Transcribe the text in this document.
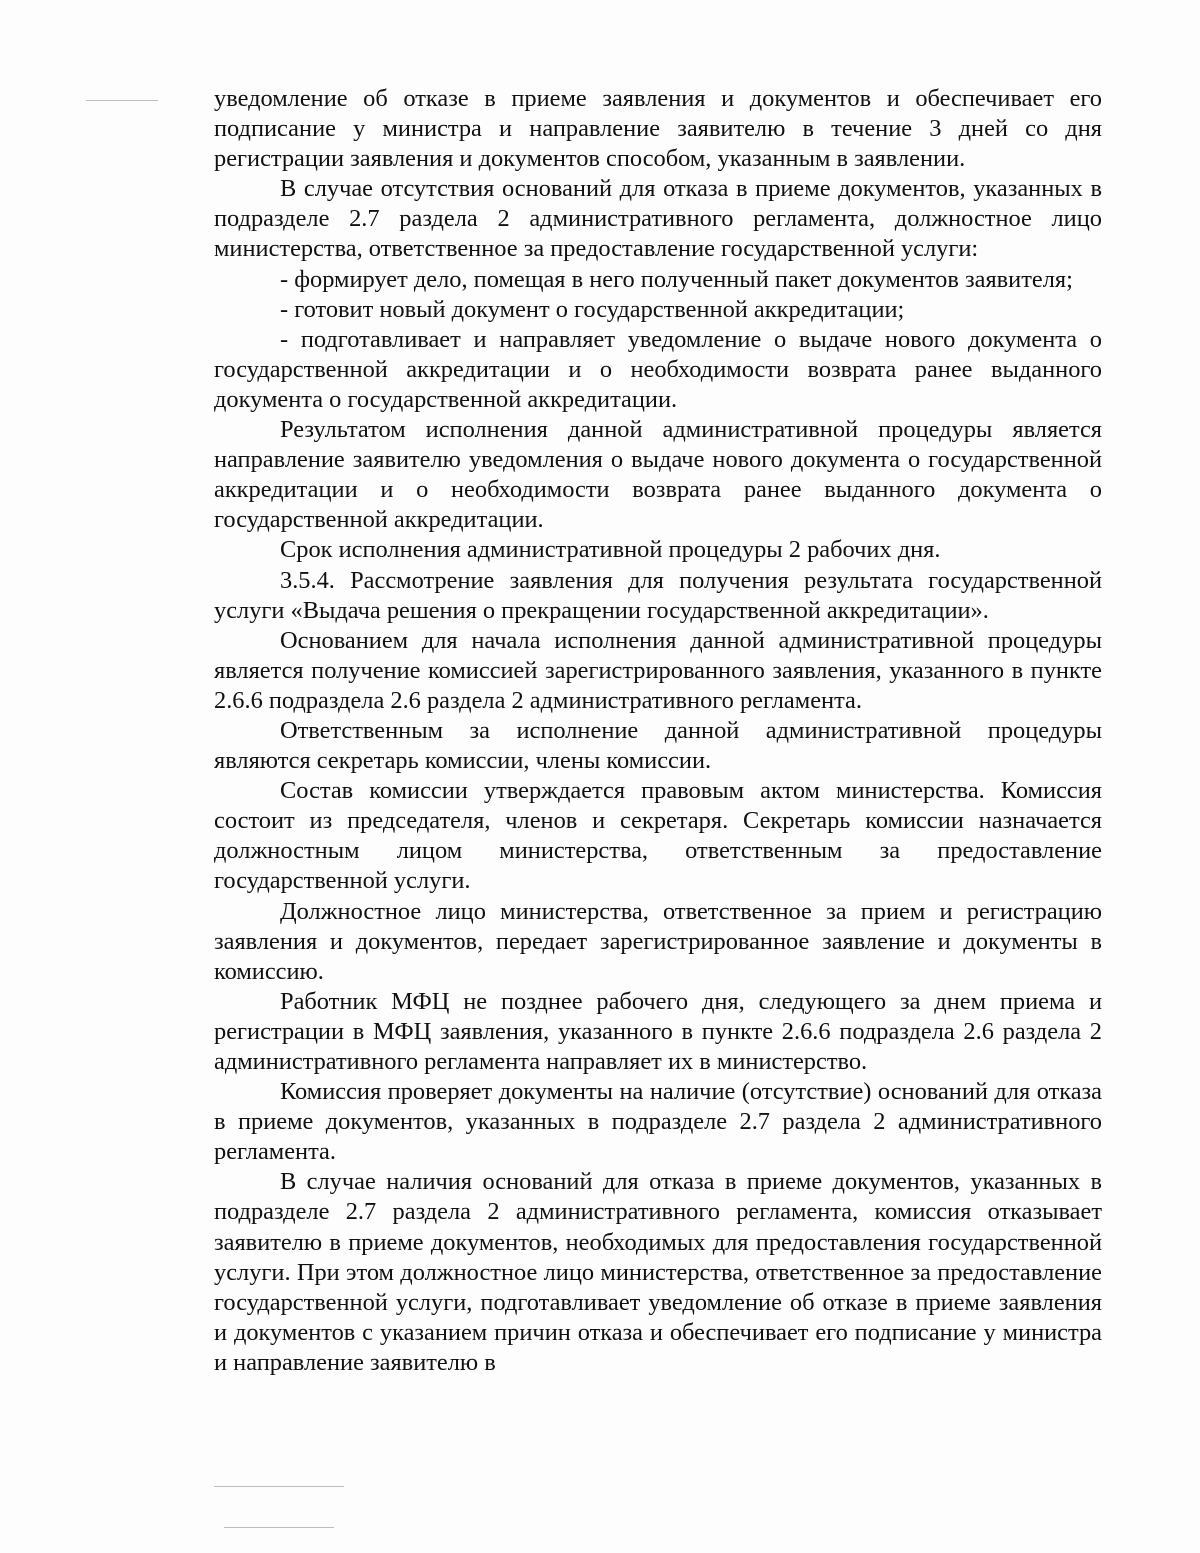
уведомление об отказе в приеме заявления и документов и обеспечивает его подписание у министра и направление заявителю в течение 3 дней со дня регистрации заявления и документов способом, указанным в заявлении.

В случае отсутствия оснований для отказа в приеме документов, указанных в подразделе 2.7 раздела 2 административного регламента, должностное лицо министерства, ответственное за предоставление государственной услуги:

- формирует дело, помещая в него полученный пакет документов заявителя;

- готовит новый документ о государственной аккредитации;

- подготавливает и направляет уведомление о выдаче нового документа о государственной аккредитации и о необходимости возврата ранее выданного документа о государственной аккредитации.

Результатом исполнения данной административной процедуры является направление заявителю уведомления о выдаче нового документа о государственной аккредитации и о необходимости возврата ранее выданного документа о государственной аккредитации.

Срок исполнения административной процедуры 2 рабочих дня.

3.5.4. Рассмотрение заявления для получения результата государственной услуги «Выдача решения о прекращении государственной аккредитации».

Основанием для начала исполнения данной административной процедуры является получение комиссией зарегистрированного заявления, указанного в пункте 2.6.6 подраздела 2.6 раздела 2 административного регламента.

Ответственным за исполнение данной административной процедуры являются секретарь комиссии, члены комиссии.

Состав комиссии утверждается правовым актом министерства. Комиссия состоит из председателя, членов и секретаря. Секретарь комиссии назначается должностным лицом министерства, ответственным за предоставление государственной услуги.

Должностное лицо министерства, ответственное за прием и регистрацию заявления и документов, передает зарегистрированное заявление и документы в комиссию.

Работник МФЦ не позднее рабочего дня, следующего за днем приема и регистрации в МФЦ заявления, указанного в пункте 2.6.6 подраздела 2.6 раздела 2 административного регламента направляет их в министерство.

Комиссия проверяет документы на наличие (отсутствие) оснований для отказа в приеме документов, указанных в подразделе 2.7 раздела 2 административного регламента.

В случае наличия оснований для отказа в приеме документов, указанных в подразделе 2.7 раздела 2 административного регламента, комиссия отказывает заявителю в приеме документов, необходимых для предоставления государственной услуги. При этом должностное лицо министерства, ответственное за предоставление государственной услуги, подготавливает уведомление об отказе в приеме заявления и документов с указанием причин отказа и обеспечивает его подписание у министра и направление заявителю в
